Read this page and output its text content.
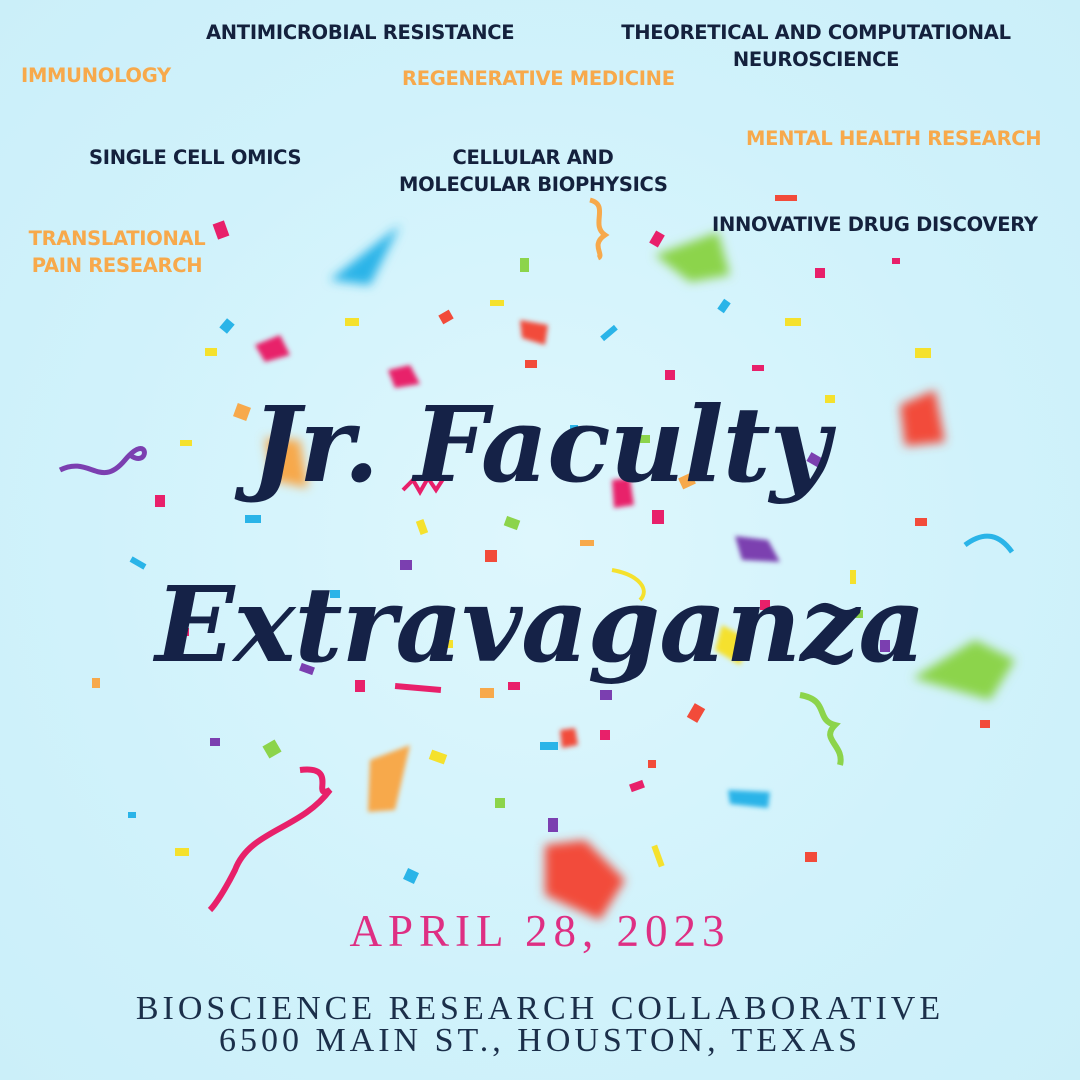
ANTIMICROBIAL RESISTANCE	THEORETICAL AND COMPUTATIONAL
NEUROSCIENCE

IMMUNOLOGY	REGENERATIVE MEDICINE

MENTAL HEALTH RESEARCH

SINGLE CELL OMICS	CELLULAR AND
MOLECULAR BIOPHYSICS

INNOVATIVE DRUG DISCOVERY

TRANSLATIONAL
PAIN RESEARCH

Jr. Faculty
Extravaganza

APRIL 28, 2023

BIOSCIENCE RESEARCH COLLABORATIVE
6500 MAIN ST., HOUSTON, TEXAS
